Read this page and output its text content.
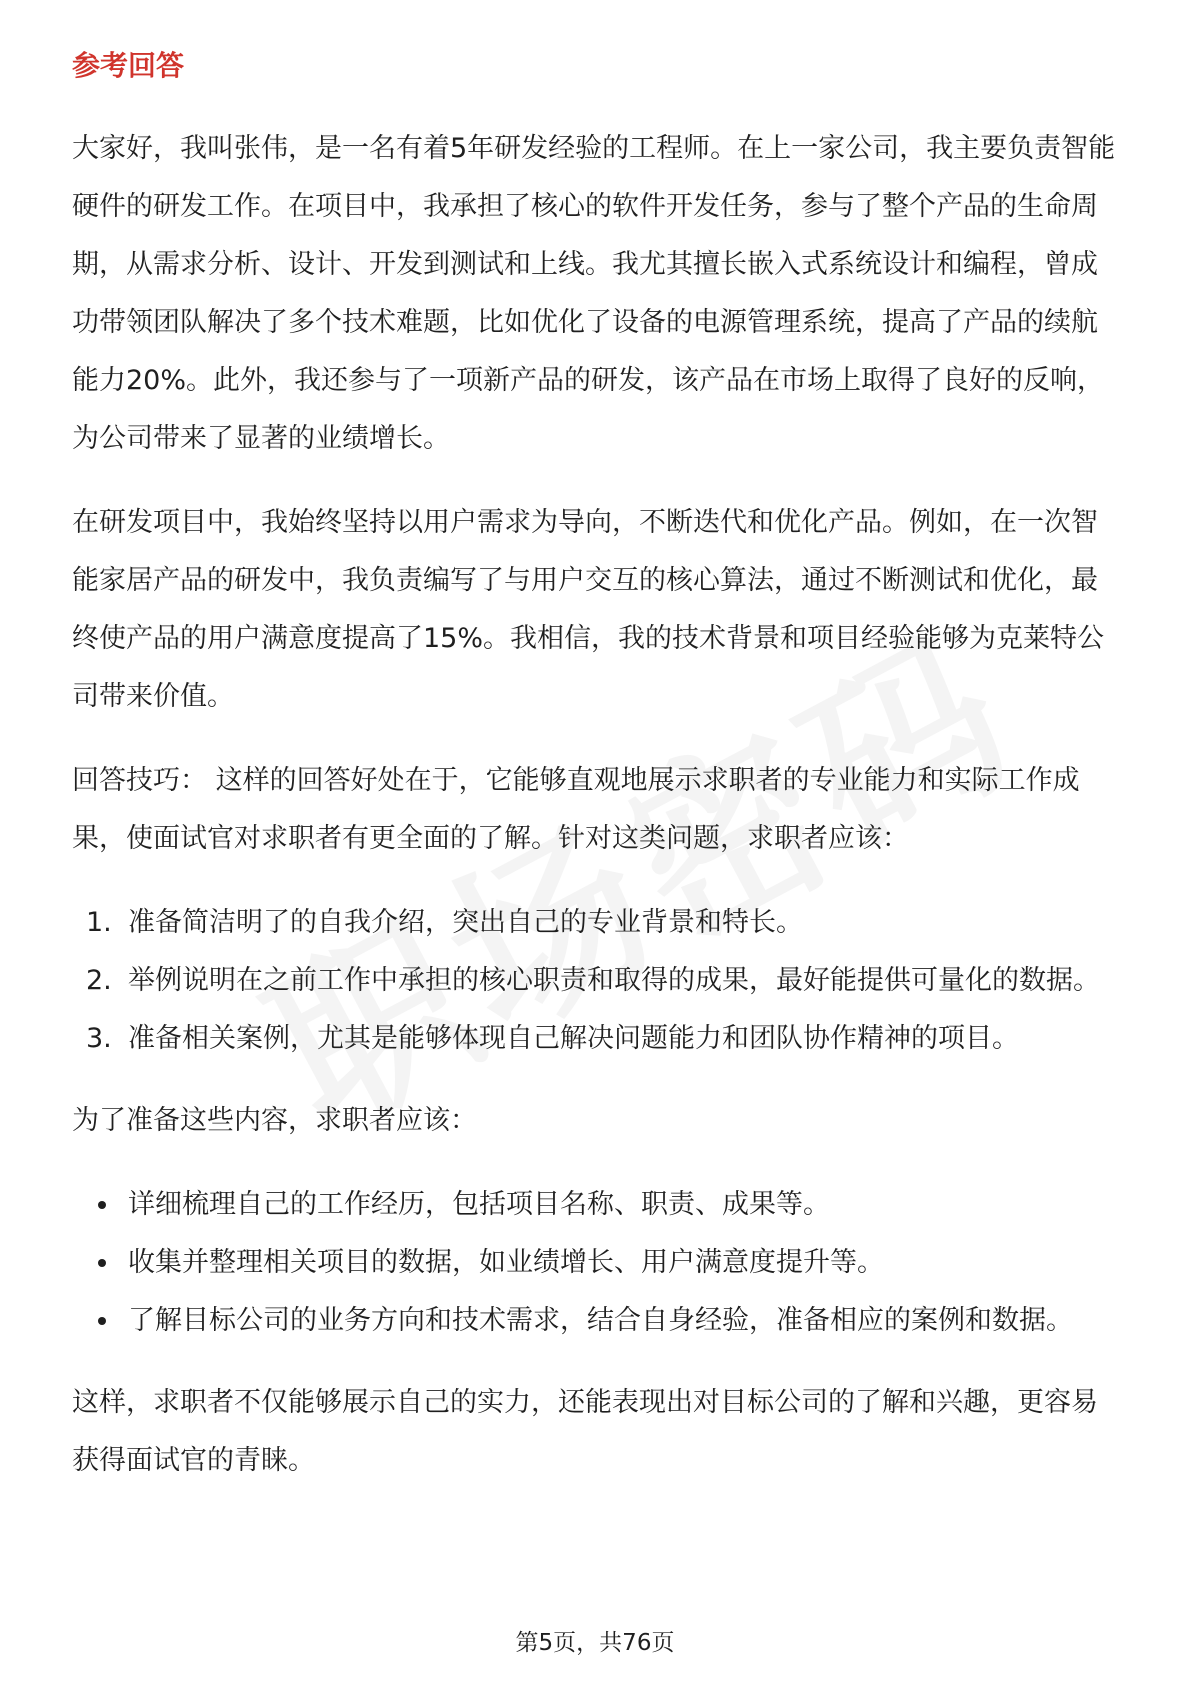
参考回答

大家好，我叫张伟，是一名有着5年研发经验的工程师。在上一家公司，我主要负责智能硬件的研发工作。在项目中，我承担了核心的软件开发任务，参与了整个产品的生命周期，从需求分析、设计、开发到测试和上线。我尤其擅长嵌入式系统设计和编程，曾成功带领团队解决了多个技术难题，比如优化了设备的电源管理系统，提高了产品的续航能力20%。此外，我还参与了一项新产品的研发，该产品在市场上取得了良好的反响，为公司带来了显著的业绩增长。

在研发项目中，我始终坚持以用户需求为导向，不断迭代和优化产品。例如，在一次智能家居产品的研发中，我负责编写了与用户交互的核心算法，通过不断测试和优化，最终使产品的用户满意度提高了15%。我相信，我的技术背景和项目经验能够为克莱特公司带来价值。

回答技巧： 这样的回答好处在于，它能够直观地展示求职者的专业能力和实际工作成果，使面试官对求职者有更全面的了解。针对这类问题，求职者应该：

1. 准备简洁明了的自我介绍，突出自己的专业背景和特长。
2. 举例说明在之前工作中承担的核心职责和取得的成果，最好能提供可量化的数据。
3. 准备相关案例，尤其是能够体现自己解决问题能力和团队协作精神的项目。

为了准备这些内容，求职者应该：

详细梳理自己的工作经历，包括项目名称、职责、成果等。
收集并整理相关项目的数据，如业绩增长、用户满意度提升等。
了解目标公司的业务方向和技术需求，结合自身经验，准备相应的案例和数据。

这样，求职者不仅能够展示自己的实力，还能表现出对目标公司的了解和兴趣，更容易获得面试官的青睐。

第5页，共76页
